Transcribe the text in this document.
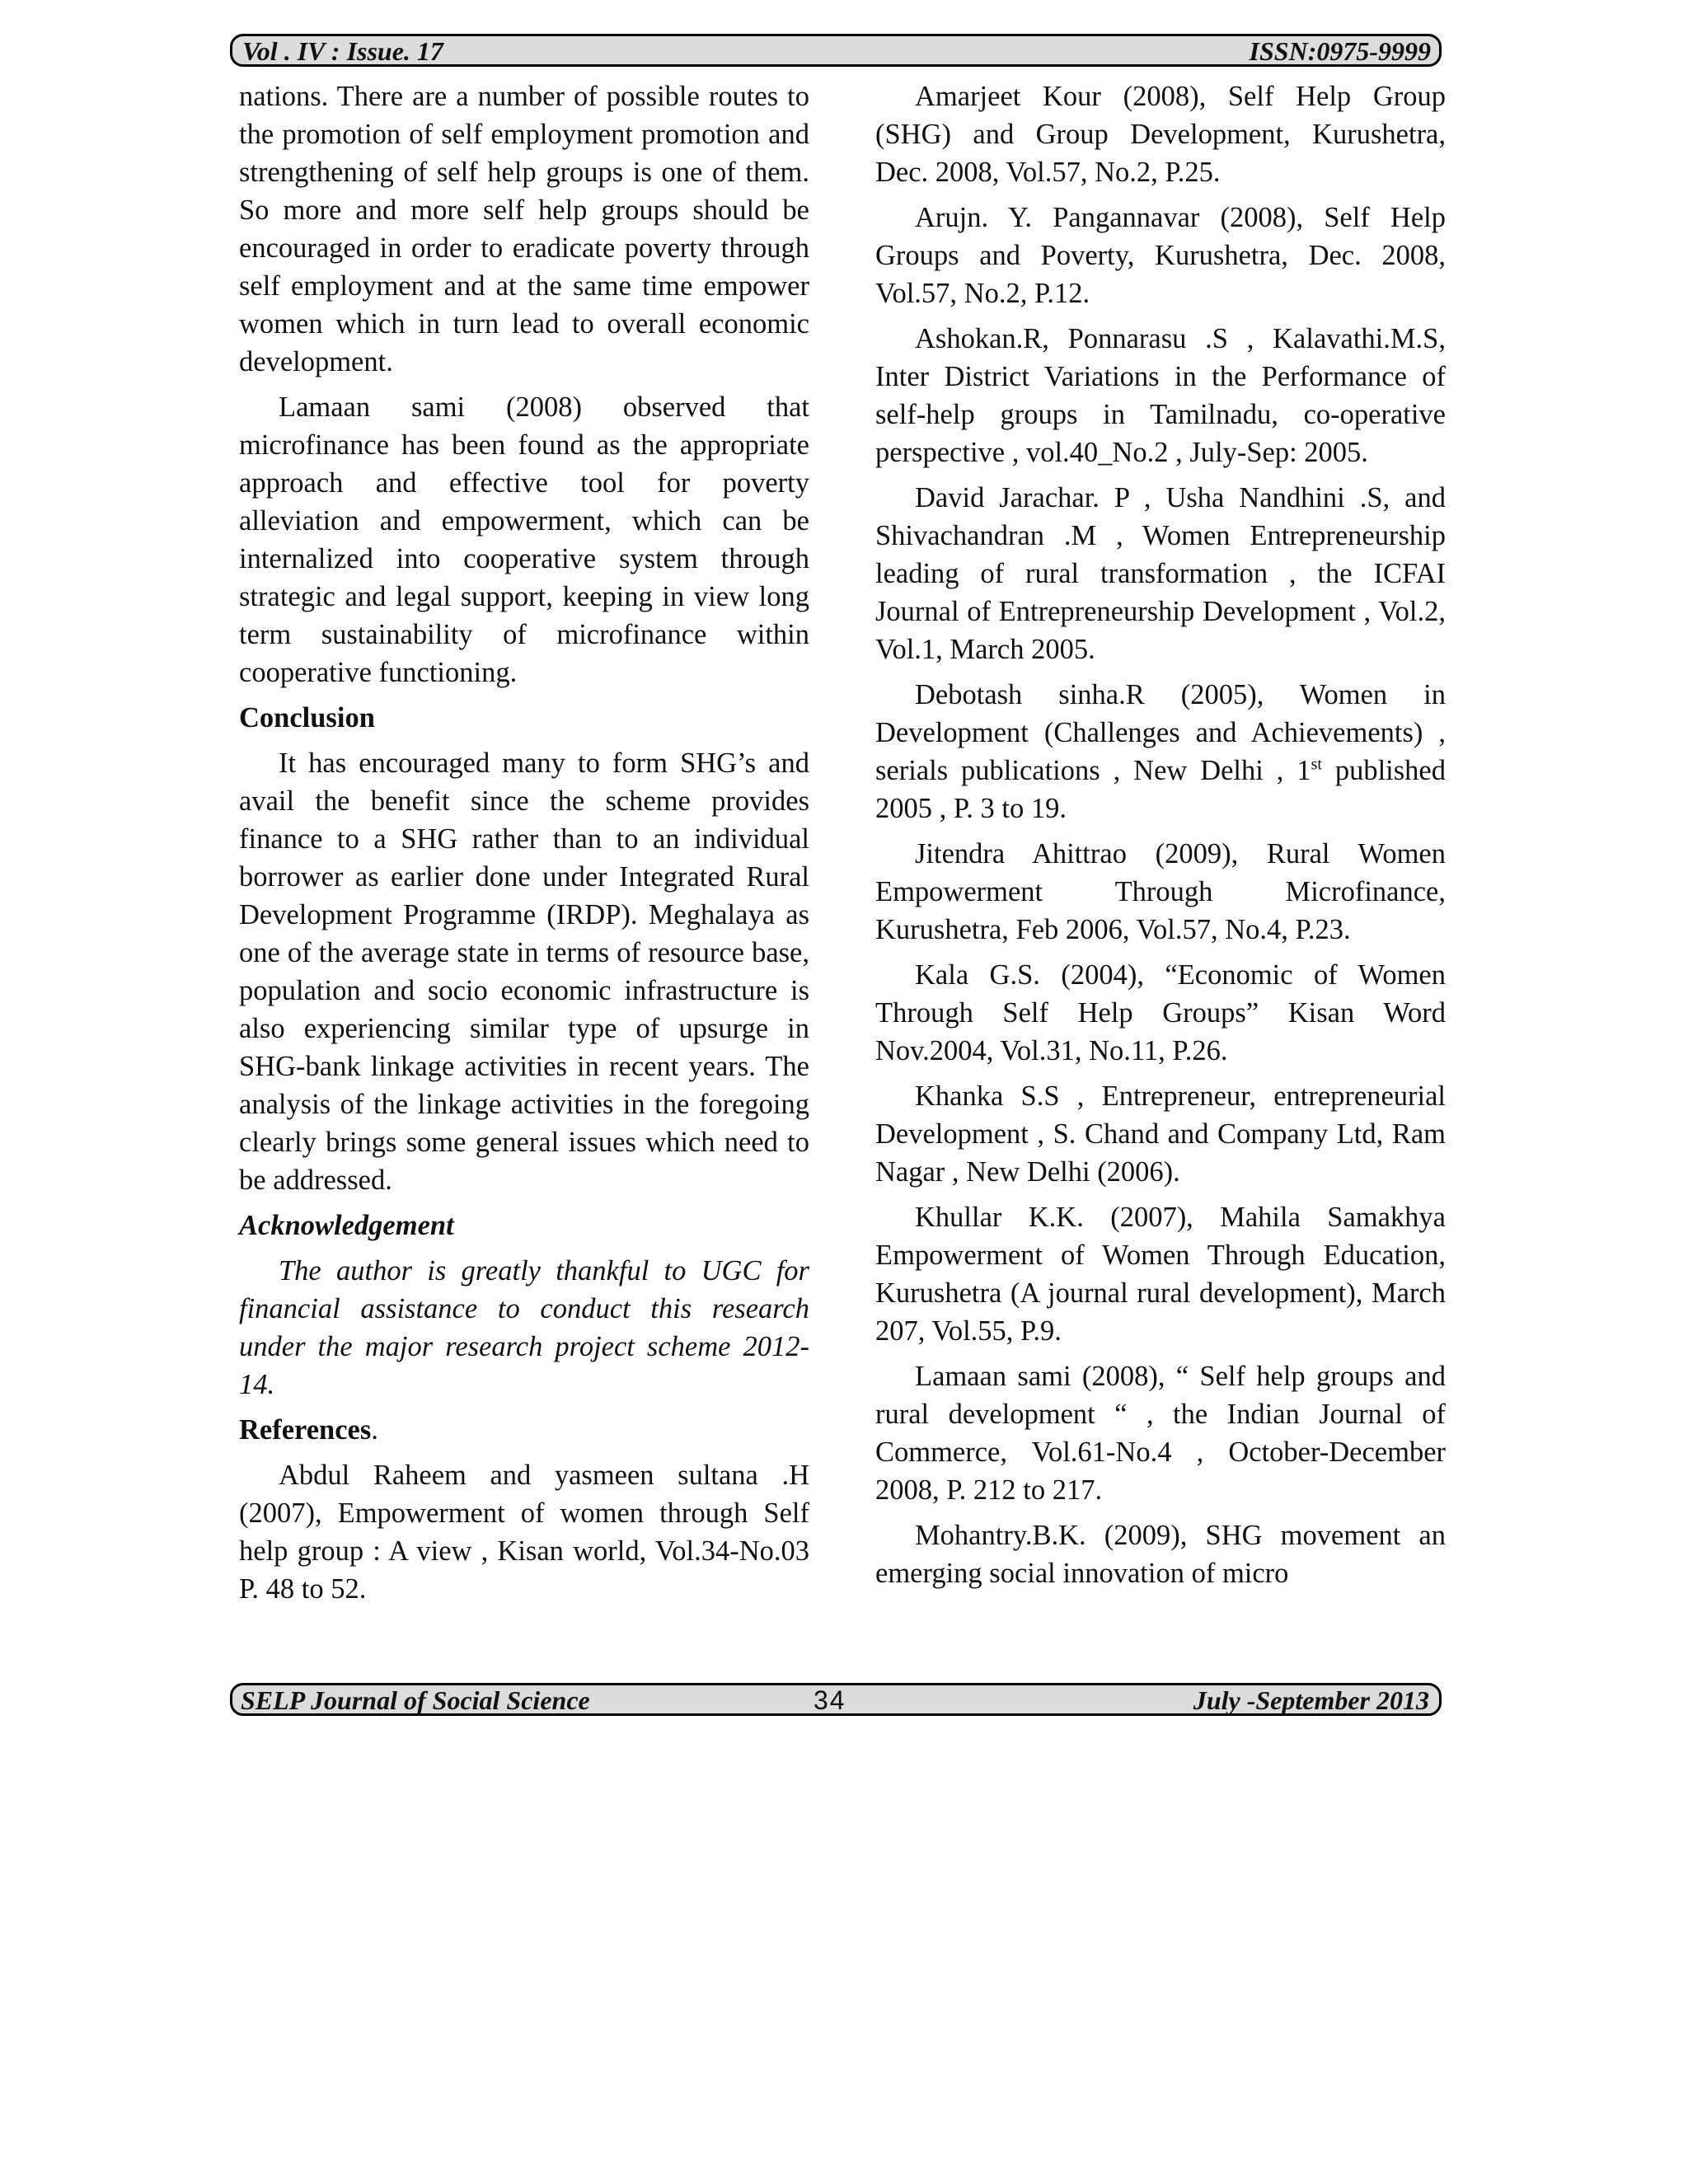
Vol . IV : Issue. 17	ISSN:0975-9999

nations. There are a number of possible routes to the promotion of self employment promotion and strengthening of self help groups is one of them. So more and more self help groups should be encouraged in order to eradicate poverty through self employment and at the same time empower women which in turn lead to overall economic development.

Lamaan sami (2008) observed that microfinance has been found as the appropriate approach and effective tool for poverty alleviation and empowerment, which can be internalized into cooperative system through strategic and legal support, keeping in view long term sustainability of microfinance within cooperative functioning.

Conclusion

It has encouraged many to form SHG’s and avail the benefit since the scheme provides finance to a SHG rather than to an individual borrower as earlier done under Integrated Rural Development Programme (IRDP). Meghalaya as one of the average state in terms of resource base, population and socio economic infrastructure is also experiencing similar type of upsurge in SHG-bank linkage activities in recent years. The analysis of the linkage activities in the foregoing clearly brings some general issues which need to be addressed.

Acknowledgement

The author is greatly thankful to UGC for financial assistance to conduct this research under the major research project scheme 2012-14.

References.

Abdul Raheem and yasmeen sultana .H (2007), Empowerment of women through Self help group : A view , Kisan world, Vol.34-No.03 P. 48 to 52.

Amarjeet Kour (2008), Self Help Group (SHG) and Group Development, Kurushetra, Dec. 2008, Vol.57, No.2, P.25.

Arujn. Y. Pangannavar (2008), Self Help Groups and Poverty, Kurushetra, Dec. 2008, Vol.57, No.2, P.12.

Ashokan.R, Ponnarasu .S , Kalavathi.M.S, Inter District Variations in the Performance of self-help groups in Tamilnadu, co-operative perspective , vol.40_No.2 , July-Sep: 2005.

David Jarachar. P , Usha Nandhini .S, and Shivachandran .M , Women Entrepreneurship leading of rural transformation , the ICFAI Journal of Entrepreneurship Development , Vol.2, Vol.1, March 2005.

Debotash sinha.R (2005), Women in Development (Challenges and Achievements) , serials publications , New Delhi , 1st published 2005 , P. 3 to 19.

Jitendra Ahittrao (2009), Rural Women Empowerment Through Microfinance, Kurushetra, Feb 2006, Vol.57, No.4, P.23.

Kala G.S. (2004), “Economic of Women Through Self Help Groups” Kisan Word Nov.2004, Vol.31, No.11, P.26.

Khanka S.S , Entrepreneur, entrepreneurial Development , S. Chand and Company Ltd, Ram Nagar , New Delhi (2006).

Khullar K.K. (2007), Mahila Samakhya Empowerment of Women Through Education, Kurushetra (A journal rural development), March 207, Vol.55, P.9.

Lamaan sami (2008), “ Self help groups and rural development “ , the Indian Journal of Commerce, Vol.61-No.4 , October-December 2008, P. 212 to 217.

Mohantry.B.K. (2009), SHG movement an emerging social innovation of micro

SELP Journal of Social Science	34	July -September 2013
